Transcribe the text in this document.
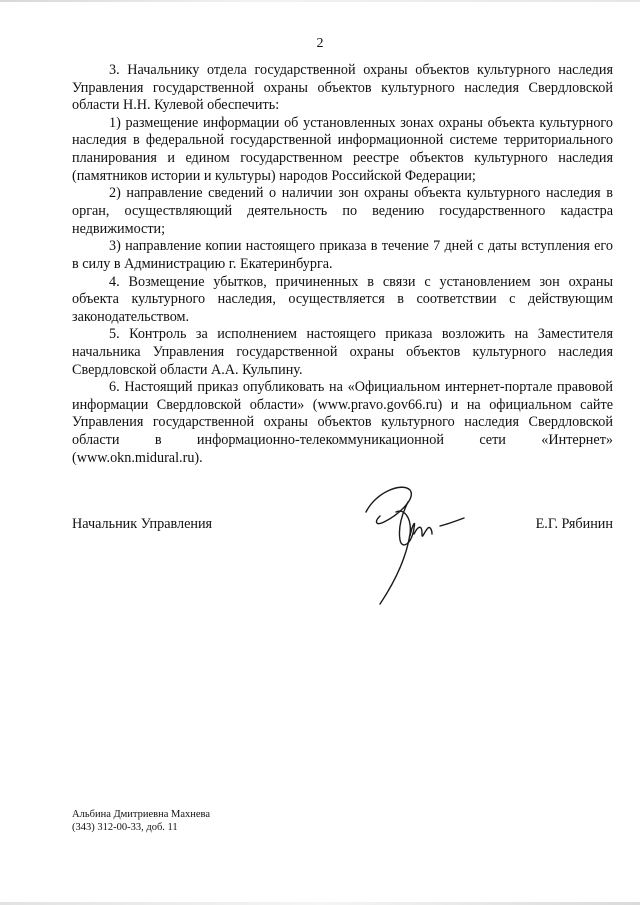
2

3. Начальнику отдела государственной охраны объектов культурного наследия Управления государственной охраны объектов культурного наследия Свердловской области Н.Н. Кулевой обеспечить:

1) размещение информации об установленных зонах охраны объекта культурного наследия в федеральной государственной информационной системе территориального планирования и едином государственном реестре объектов культурного наследия (памятников истории и культуры) народов Российской Федерации;

2) направление сведений о наличии зон охраны объекта культурного наследия в орган, осуществляющий деятельность по ведению государственного кадастра недвижимости;

3) направление копии настоящего приказа в течение 7 дней с даты вступления его в силу в Администрацию г. Екатеринбурга.

4. Возмещение убытков, причиненных в связи с установлением зон охраны объекта культурного наследия, осуществляется в соответствии с действующим законодательством.

5. Контроль за исполнением настоящего приказа возложить на Заместителя начальника Управления государственной охраны объектов культурного наследия Свердловской области А.А. Кульпину.

6. Настоящий приказ опубликовать на «Официальном интернет-портале правовой информации Свердловской области» (www.pravo.gov66.ru) и на официальном сайте Управления государственной охраны объектов культурного наследия Свердловской области в информационно-телекоммуникационной сети «Интернет» (www.okn.midural.ru).

Начальник Управления	Е.Г. Рябинин
Альбина Дмитриевна Махнева
(343) 312-00-33, доб. 11
